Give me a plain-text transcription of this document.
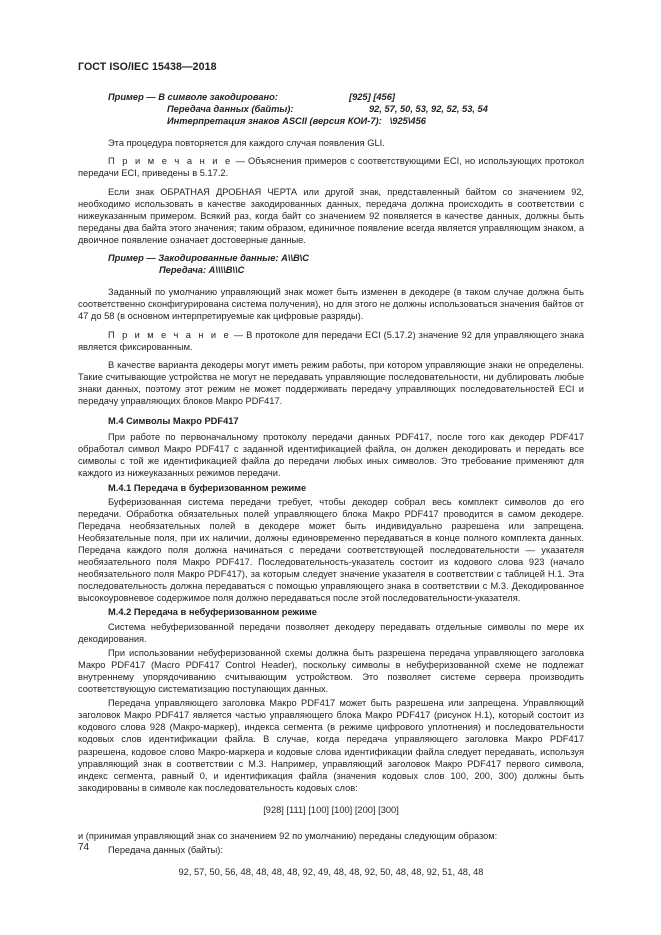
ГОСТ ISO/IEC 15438—2018
Пример — В символе закодировано:	[925] [456]
Передача данных (байты):	92, 57, 50, 53, 92, 52, 53, 54
Интерпретация знаков ASCII (версия КОИ-7): \925\456

Эта процедура повторяется для каждого случая появления GLI.

П р и м е ч а н и е — Объяснения примеров с соответствующими ECI, но использующих протокол передачи ECI, приведены в 5.17.2.

Если знак ОБРАТНАЯ ДРОБНАЯ ЧЕРТА или другой знак, представленный байтом со значением 92, необходимо использовать в качестве закодированных данных, передача должна происходить в соответствии с нижеуказанным примером. Всякий раз, когда байт со значением 92 появляется в качестве данных, должны быть переданы два байта этого значения; таким образом, единичное появление всегда является управляющим знаком, а двоичное появление означает достоверные данные.

Пример — Закодированные данные: A\\B\C
Передача: A\\\\B\\C

Заданный по умолчанию управляющий знак может быть изменен в декодере (в таком случае должна быть соответственно сконфигурирована система получения), но для этого не должны использоваться значения байтов от 47 до 58 (в основном интерпретируемые как цифровые разряды).

П р и м е ч а н и е — В протоколе для передачи ECI (5.17.2) значение 92 для управляющего знака является фиксированным.

В качестве варианта декодеры могут иметь режим работы, при котором управляющие знаки не определены. Такие считывающие устройства не могут не передавать управляющие последовательности, ни дублировать любые знаки данных, поэтому этот режим не может поддерживать передачу управляющих последовательностей ECI и передачу управляющих блоков Макро PDF417.

М.4 Символы Макро PDF417

При работе по первоначальному протоколу передачи данных PDF417, после того как декодер PDF417 обработал символ Макро PDF417 с заданной идентификацией файла, он должен декодировать и передать все символы с той же идентификацией файла до передачи любых иных символов. Это требование применяют для каждого из нижеуказанных режимов передачи.

М.4.1 Передача в буферизованном режиме

Буферизованная система передачи требует, чтобы декодер собрал весь комплект символов до его передачи. Обработка обязательных полей управляющего блока Макро PDF417 проводится в самом декодере. Передача необязательных полей в декодере может быть индивидуально разрешена или запрещена. Необязательные поля, при их наличии, должны единовременно передаваться в конце полного комплекта данных. Передача каждого поля должна начинаться с передачи соответствующей последовательности — указателя необязательного поля Макро PDF417. Последовательность-указатель состоит из кодового слова 923 (начало необязательного поля Макро PDF417), за которым следует значение указателя в соответствии с таблицей Н.1. Эта последовательность должна передаваться с помощью управляющего знака в соответствии с М.3. Декодированное высокоуровневое содержимое поля должно передаваться после этой последовательности-указателя.

М.4.2 Передача в небуферизованном режиме

Система небуферизованной передачи позволяет декодеру передавать отдельные символы по мере их декодирования.

При использовании небуферизованной схемы должна быть разрешена передача управляющего заголовка Макро PDF417 (Macro PDF417 Control Header), поскольку символы в небуферизованной схеме не подлежат внутреннему упорядочиванию считывающим устройством. Это позволяет системе сервера производить соответствующую систематизацию поступающих данных.

Передача управляющего заголовка Макро PDF417 может быть разрешена или запрещена. Управляющий заголовок Макро PDF417 является частью управляющего блока Макро PDF417 (рисунок Н.1), который состоит из кодового слова 928 (Макро-маркер), индекса сегмента (в режиме цифрового уплотнения) и последовательности кодовых слов идентификации файла. В случае, когда передача управляющего заголовка Макро PDF417 разрешена, кодовое слово Макро-маркера и кодовые слова идентификации файла следует передавать, используя управляющий знак в соответствии с М.3. Например, управляющий заголовок Макро PDF417 первого символа, индекс сегмента, равный 0, и идентификация файла (значения кодовых слов 100, 200, 300) должны быть закодированы в символе как последовательность кодовых слов:

[928] [111] [100] [100] [200] [300]

и (принимая управляющий знак со значением 92 по умолчанию) переданы следующим образом:

Передача данных (байты):

92, 57, 50, 56, 48, 48, 48, 48, 92, 49, 48, 48, 92, 50, 48, 48, 92, 51, 48, 48
74
